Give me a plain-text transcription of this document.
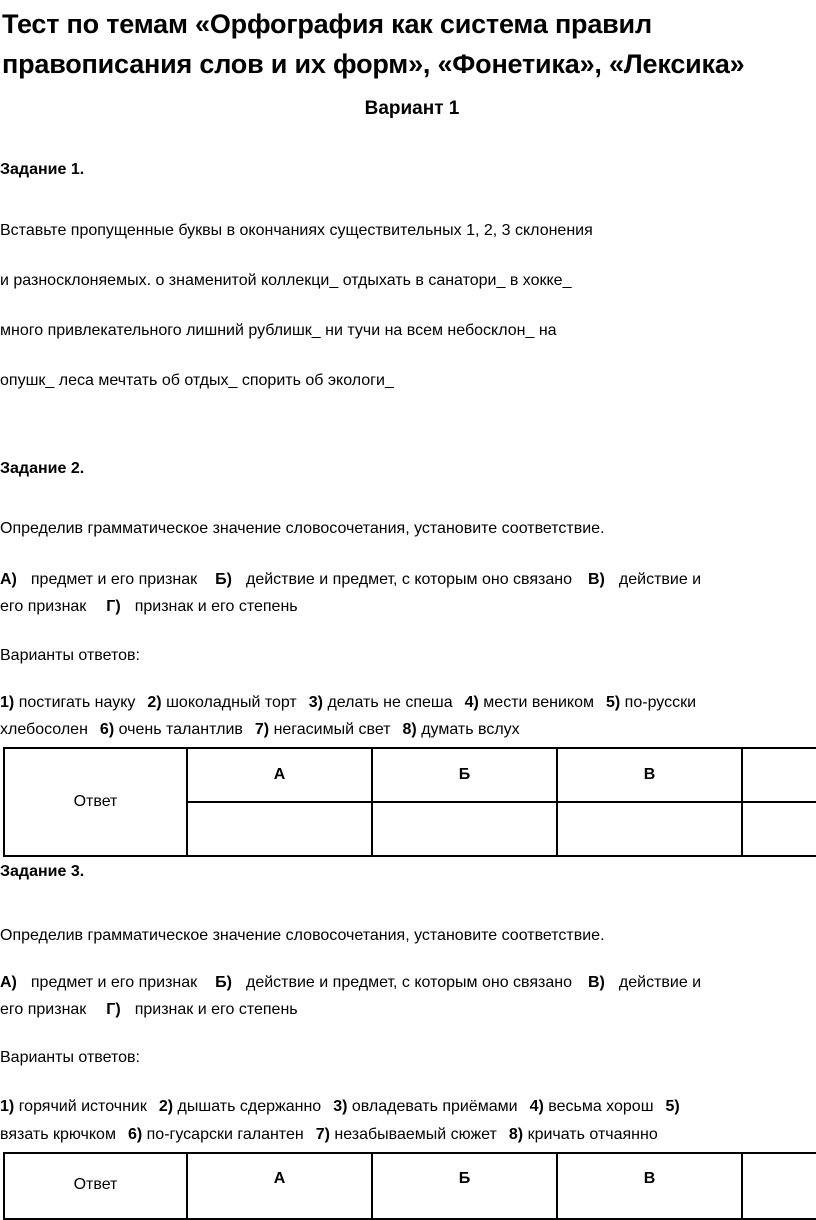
Тест по темам «Орфография как система правил
правописания слов и их форм», «Фонетика», «Лексика»
Вариант 1
Задание 1.
Вставьте пропущенные буквы в окончаниях существительных 1, 2, 3 склонения
и разносклоняемых. о знаменитой коллекци_ отдыхать в санатори_ в хокке_
много привлекательного лишний рублишк_ ни тучи на всем небосклон_ на
опушк_ леса мечтать об отдых_ спорить об экологи_
Задание 2.
Определив грамматическое значение словосочетания, установите соответствие.
А) предмет и его признак Б) действие и предмет, с которым оно связано В) действие и
его признак Г) признак и его степень
Варианты ответов:
1) постигать науку 2) шоколадный торт 3) делать не спеша 4) мести веником 5) по-русски
хлебосолен 6) очень талантлив 7) негасимый свет 8) думать вслух
Ответ	А	Б	В	

Задание 3.
Определив грамматическое значение словосочетания, установите соответствие.
А) предмет и его признак Б) действие и предмет, с которым оно связано В) действие и
его признак Г) признак и его степень
Варианты ответов:
1) горячий источник 2) дышать сдержанно 3) овладевать приёмами 4) весьма хорош 5)
вязать крючком 6) по-гусарски галантен 7) незабываемый сюжет 8) кричать отчаянно
Ответ	А	Б	В	
